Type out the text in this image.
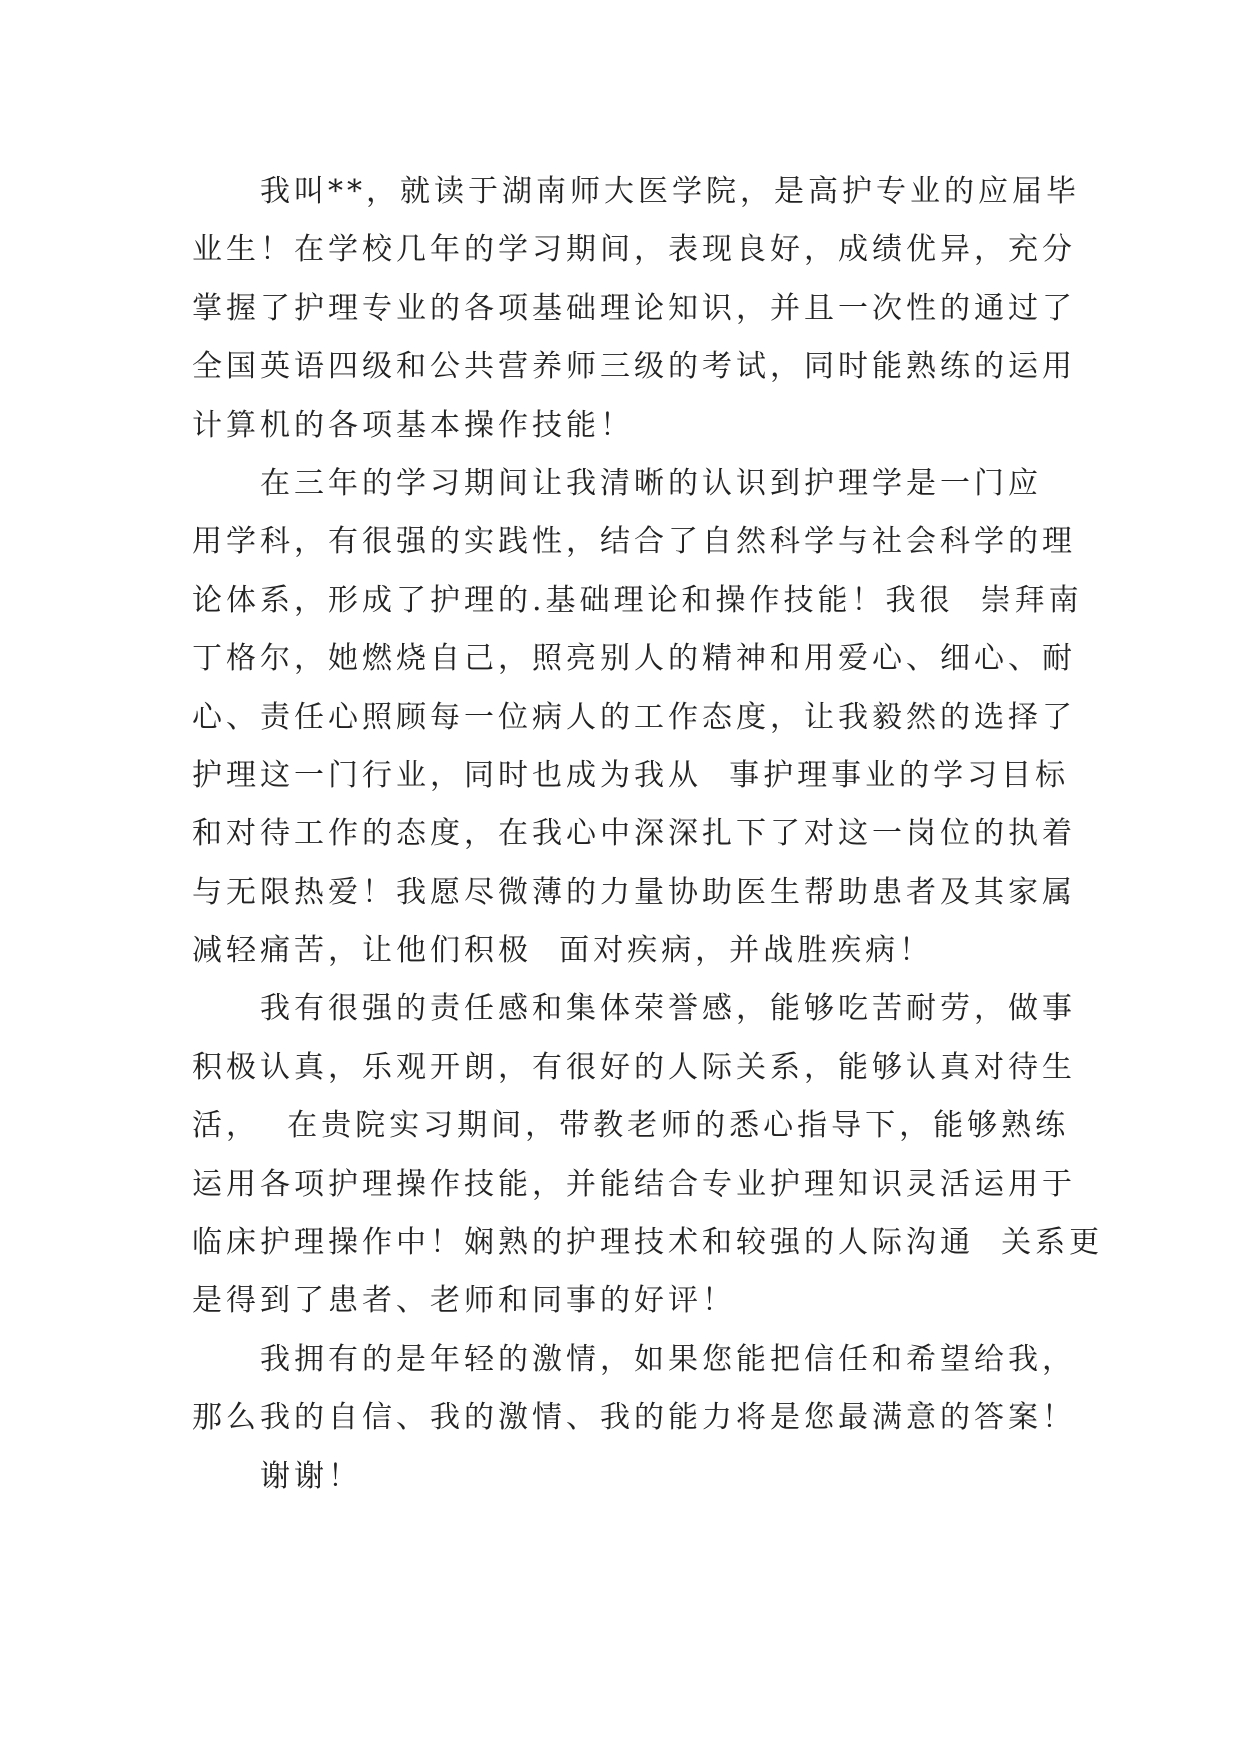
我叫**，就读于湖南师大医学院，是高护专业的应届毕
业生！在学校几年的学习期间，表现良好，成绩优异，充分
掌握了护理专业的各项基础理论知识，并且一次性的通过了
全国英语四级和公共营养师三级的考试，同时能熟练的运用
计算机的各项基本操作技能！
在三年的学习期间让我清晰的认识到护理学是一门应
用学科，有很强的实践性，结合了自然科学与社会科学的理
论体系，形成了护理的.基础理论和操作技能！我很  崇拜南
丁格尔，她燃烧自己，照亮别人的精神和用爱心、细心、耐
心、责任心照顾每一位病人的工作态度，让我毅然的选择了
护理这一门行业，同时也成为我从  事护理事业的学习目标
和对待工作的态度，在我心中深深扎下了对这一岗位的执着
与无限热爱！我愿尽微薄的力量协助医生帮助患者及其家属
减轻痛苦，让他们积极  面对疾病，并战胜疾病！
我有很强的责任感和集体荣誉感，能够吃苦耐劳，做事
积极认真，乐观开朗，有很好的人际关系，能够认真对待生
活，  在贵院实习期间，带教老师的悉心指导下，能够熟练
运用各项护理操作技能，并能结合专业护理知识灵活运用于
临床护理操作中！娴熟的护理技术和较强的人际沟通  关系更
是得到了患者、老师和同事的好评！
我拥有的是年轻的激情，如果您能把信任和希望给我，
那么我的自信、我的激情、我的能力将是您最满意的答案！
谢谢！
